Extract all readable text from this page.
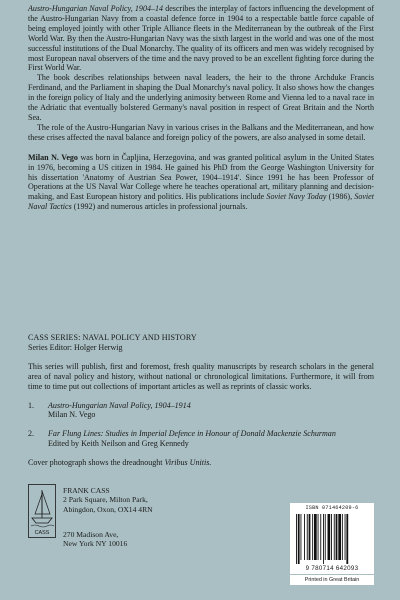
Austro-Hungarian Naval Policy, 1904–14 describes the interplay of factors influencing the development of the Austro-Hungarian Navy from a coastal defence force in 1904 to a respectable battle force capable of being employed jointly with other Triple Alliance fleets in the Mediterranean by the outbreak of the First World War. By then the Austro-Hungarian Navy was the sixth largest in the world and was one of the most successful institutions of the Dual Monarchy. The quality of its officers and men was widely recognised by most European naval observers of the time and the navy proved to be an excellent fighting force during the First World War.

The book describes relationships between naval leaders, the heir to the throne Archduke Francis Ferdinand, and the Parliament in shaping the Dual Monarchy's naval policy. It also shows how the changes in the foreign policy of Italy and the underlying animosity between Rome and Vienna led to a naval race in the Adriatic that eventually bolstered Germany's naval position in respect of Great Britain and the North Sea.

The role of the Austro-Hungarian Navy in various crises in the Balkans and the Mediterranean, and how these crises affected the naval balance and foreign policy of the powers, are also analysed in some detail.

Milan N. Vego was born in Čapljina, Herzegovina, and was granted political asylum in the United States in 1976, becoming a US citizen in 1984. He gained his PhD from the George Washington University for his dissertation 'Anatomy of Austrian Sea Power, 1904–1914'. Since 1991 he has been Professor of Operations at the US Naval War College where he teaches operational art, military planning and decision-making, and East European history and politics. His publications include Soviet Navy Today (1986), Soviet Naval Tactics (1992) and numerous articles in professional journals.

CASS SERIES: NAVAL POLICY AND HISTORY
Series Editor: Holger Herwig
This series will publish, first and foremost, fresh quality manuscripts by research scholars in the general area of naval policy and history, without national or chronological limitations. Furthermore, it will from time to time put out collections of important articles as well as reprints of classic works.
1.	Austro-Hungarian Naval Policy, 1904–1914
Milan N. Vego
2.	Far Flung Lines: Studies in Imperial Defence in Honour of Donald Mackenzie Schurman
Edited by Keith Neilson and Greg Kennedy
Cover photograph shows the dreadnought Viribus Unitis.
CASS
FRANK CASS
2 Park Square, Milton Park,
Abingdon, Oxon, OX14 4RN
270 Madison Ave,
New York NY 10016
ISBN 071464209-6
9 780714 642093
Printed in Great Britain
